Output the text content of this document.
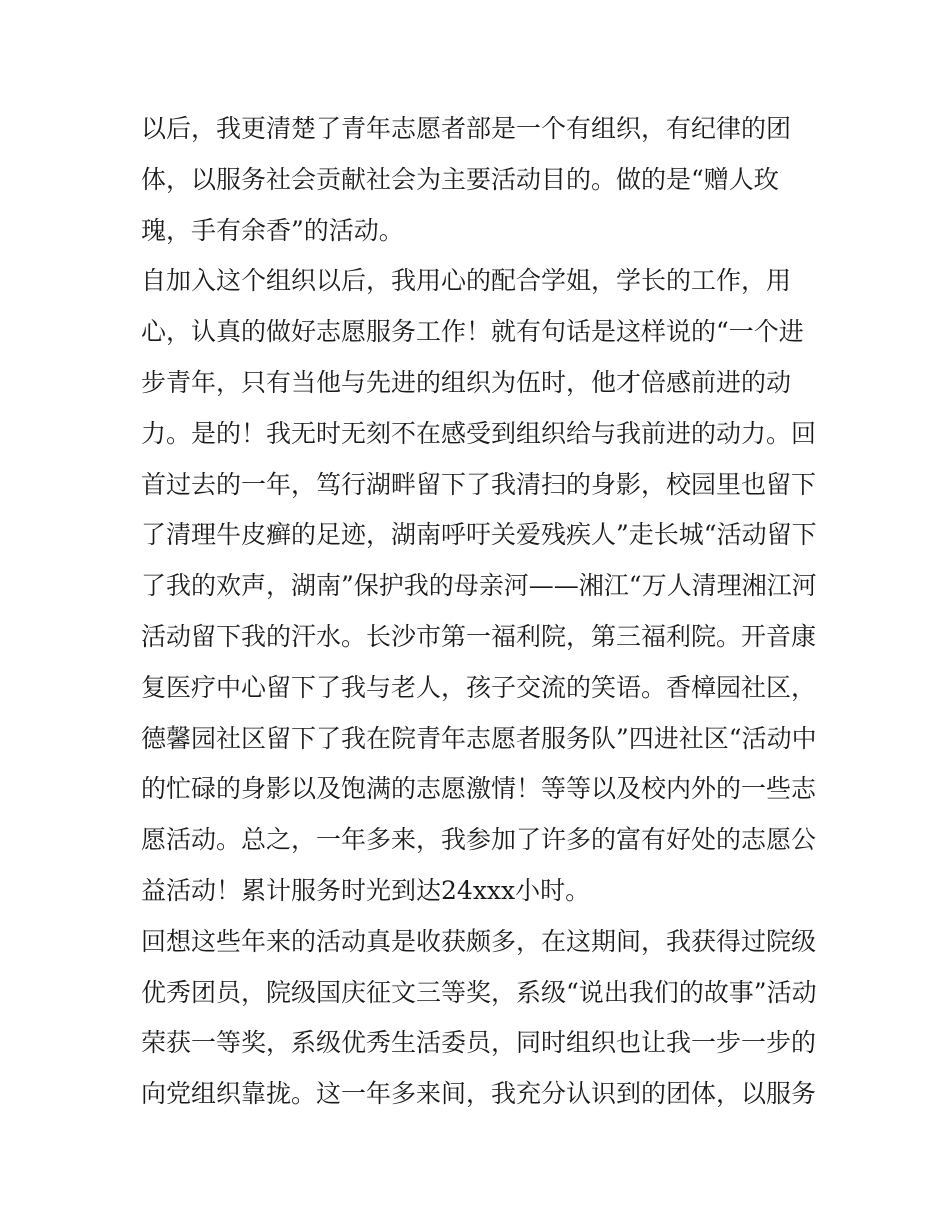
以后，我更清楚了青年志愿者部是一个有组织，有纪律的团
体，以服务社会贡献社会为主要活动目的。做的是“赠人玫
瑰，手有余香”的活动。
自加入这个组织以后，我用心的配合学姐，学长的工作，用
心，认真的做好志愿服务工作！就有句话是这样说的“一个进
步青年，只有当他与先进的组织为伍时，他才倍感前进的动
力。是的！我无时无刻不在感受到组织给与我前进的动力。回
首过去的一年，笃行湖畔留下了我清扫的身影，校园里也留下
了清理牛皮癣的足迹，湖南呼吁关爱残疾人”走长城“活动留下
了我的欢声，湖南”保护我的母亲河——湘江“万人清理湘江河
活动留下我的汗水。长沙市第一福利院，第三福利院。开音康
复医疗中心留下了我与老人，孩子交流的笑语。香樟园社区，
德馨园社区留下了我在院青年志愿者服务队”四进社区“活动中
的忙碌的身影以及饱满的志愿激情！等等以及校内外的一些志
愿活动。总之，一年多来，我参加了许多的富有好处的志愿公
益活动！累计服务时光到达24xxx小时。
回想这些年来的活动真是收获颇多，在这期间，我获得过院级
优秀团员，院级国庆征文三等奖，系级“说出我们的故事”活动
荣获一等奖，系级优秀生活委员，同时组织也让我一步一步的
向党组织靠拢。这一年多来间，我充分认识到的团体，以服务
